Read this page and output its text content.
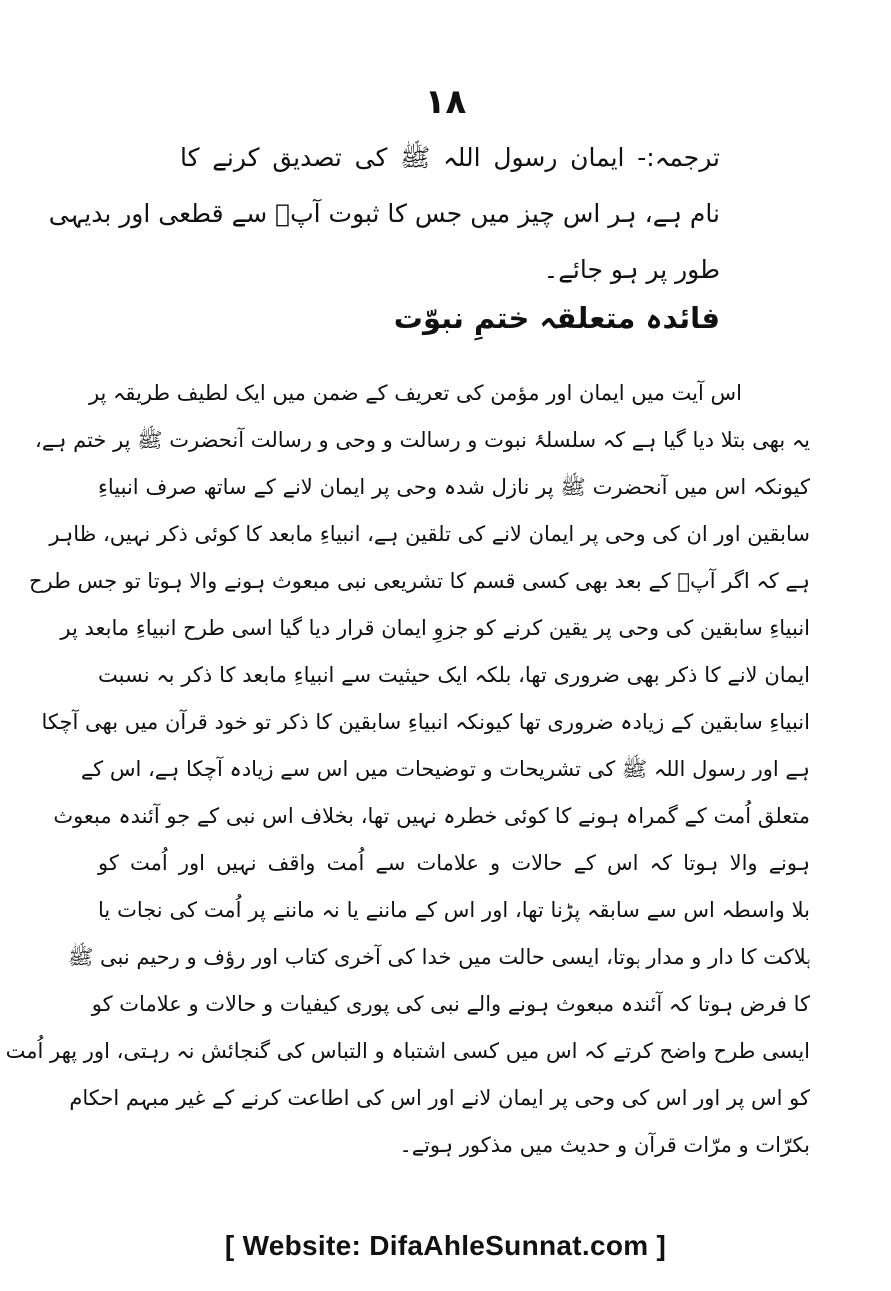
۱۸
ترجمہ:- ایمان رسول اللہ ﷺ کی تصدیق کرنے کا
نام ہے، ہر اس چیز میں جس کا ثبوت آپؐ سے قطعی اور بدیہی
طور پر ہو جائے۔
فائدہ متعلقہ ختمِ نبوّت
اس آیت میں ایمان اور مؤمن کی تعریف کے ضمن میں ایک لطیف طریقہ پر
یہ بھی بتلا دیا گیا ہے کہ سلسلۂ نبوت و رسالت و وحی و رسالت آنحضرت ﷺ پر ختم ہے،
کیونکہ اس میں آنحضرت ﷺ پر نازل شدہ وحی پر ایمان لانے کے ساتھ صرف انبیاءِ
سابقین اور ان کی وحی پر ایمان لانے کی تلقین ہے، انبیاءِ مابعد کا کوئی ذکر نہیں، ظاہر
ہے کہ اگر آپؐ کے بعد بھی کسی قسم کا تشریعی نبی مبعوث ہونے والا ہوتا تو جس طرح
انبیاءِ سابقین کی وحی پر یقین کرنے کو جزوِ ایمان قرار دیا گیا اسی طرح انبیاءِ مابعد پر
ایمان لانے کا ذکر بھی ضروری تھا، بلکہ ایک حیثیت سے انبیاءِ مابعد کا ذکر بہ نسبت
انبیاءِ سابقین کے زیادہ ضروری تھا کیونکہ انبیاءِ سابقین کا ذکر تو خود قرآن میں بھی آچکا
ہے اور رسول اللہ ﷺ کی تشریحات و توضیحات میں اس سے زیادہ آچکا ہے، اس کے
متعلق اُمت کے گمراہ ہونے کا کوئی خطرہ نہیں تھا، بخلاف اس نبی کے جو آئندہ مبعوث
ہونے والا ہوتا کہ اس کے حالات و علامات سے اُمت واقف نہیں اور اُمت کو
بلا واسطہ اس سے سابقہ پڑنا تھا، اور اس کے ماننے یا نہ ماننے پر اُمت کی نجات یا
ہلاکت کا دار و مدار ہوتا، ایسی حالت میں خدا کی آخری کتاب اور رؤف و رحیم نبی ﷺ
کا فرض ہوتا کہ آئندہ مبعوث ہونے والے نبی کی پوری کیفیات و حالات و علامات کو
ایسی طرح واضح کرتے کہ اس میں کسی اشتباہ و التباس کی گنجائش نہ رہتی، اور پھر اُمت
کو اس پر اور اس کی وحی پر ایمان لانے اور اس کی اطاعت کرنے کے غیر مبہم احکام
بکرّات و مرّات قرآن و حدیث میں مذکور ہوتے۔
[ Website: DifaAhleSunnat.com ]
